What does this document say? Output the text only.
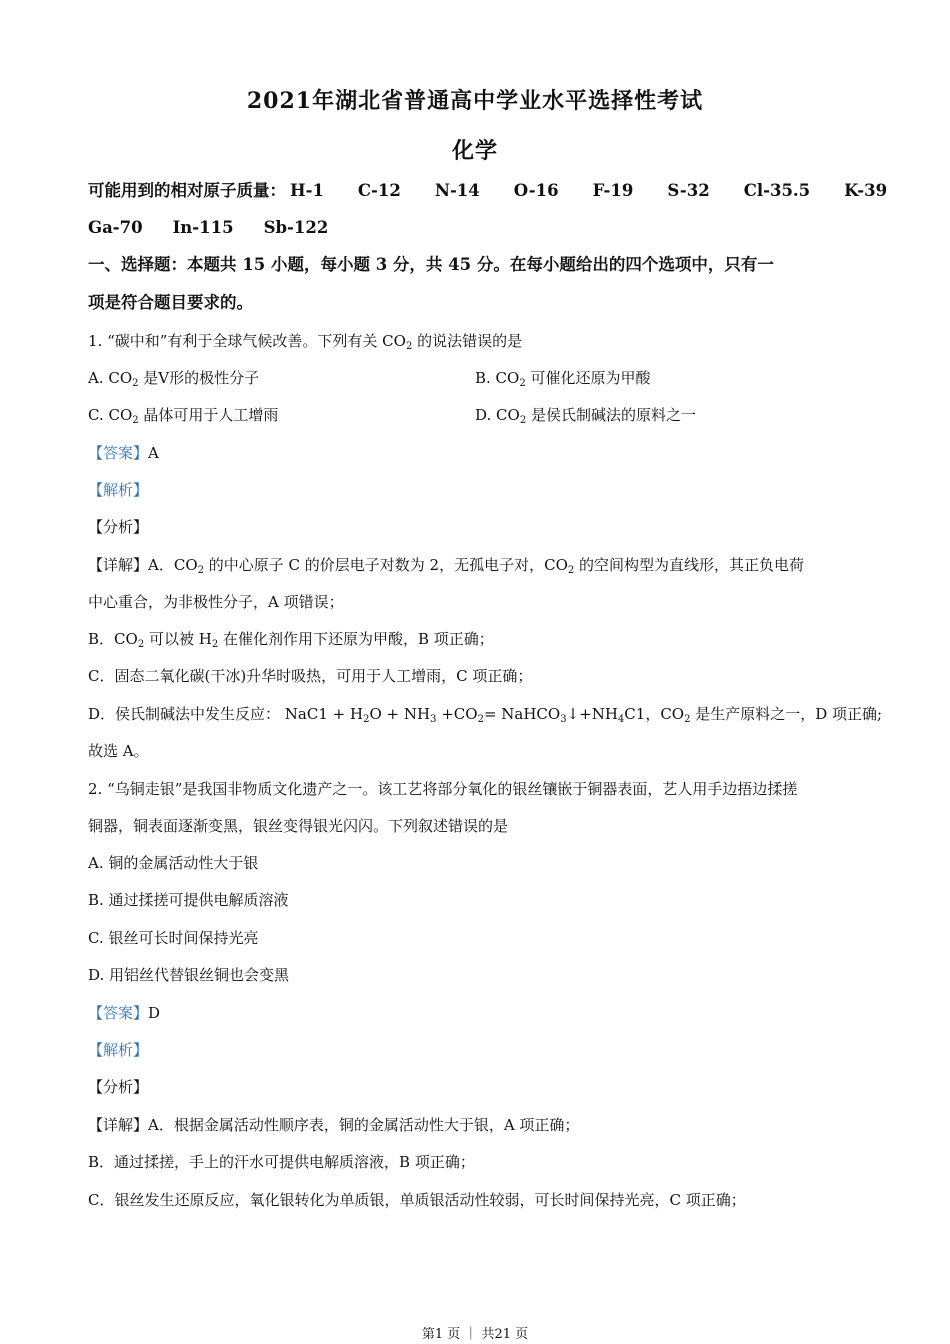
2021年湖北省普通高中学业水平选择性考试
化学
可能用到的相对原子质量： H-1 C-12 N-14 O-16 F-19 S-32 Cl-35.5 K-39
Ga-70 In-115 Sb-122
一、选择题：本题共 15 小题，每小题 3 分，共 45 分。在每小题给出的四个选项中，只有一
项是符合题目要求的。
1. “碳中和”有利于全球气候改善。下列有关 $CO_2$ 的说法错误的是
A. $CO_2$ 是Ⅴ形的极性分子	B. $CO_2$ 可催化还原为甲酸
C. $CO_2$ 晶体可用于人工增雨	D. $CO_2$ 是侯氏制碱法的原料之一
【答案】A
【解析】
【分析】
【详解】A．$CO_2$ 的中心原子 C 的价层电子对数为 2，无孤电子对，$CO_2$ 的空间构型为直线形，其正负电荷
中心重合，为非极性分子，A 项错误；
B．$CO_2$ 可以被 $H_2$ 在催化剂作用下还原为甲酸，B 项正确；
C．固态二氧化碳(干冰)升华时吸热，可用于人工增雨，C 项正确；
D．侯氏制碱法中发生反应： $NaC1 + H_2O + NH_3 +CO_2=$ $NaHCO_3↓+NH_4C1$，$CO_2$ 是生产原料之一，D 项正确;
故选 A。
2. “乌铜走银”是我国非物质文化遗产之一。该工艺将部分氧化的银丝镶嵌于铜器表面，艺人用手边捂边揉搓
铜器，铜表面逐渐变黑，银丝变得银光闪闪。下列叙述错误的是
A. 铜的金属活动性大于银
B. 通过揉搓可提供电解质溶液
C. 银丝可长时间保持光亮
D. 用铝丝代替银丝铜也会变黑
【答案】D
【解析】
【分析】
【详解】A．根据金属活动性顺序表，铜的金属活动性大于银，A 项正确；
B．通过揉搓，手上的汗水可提供电解质溶液，B 项正确；
C．银丝发生还原反应，氧化银转化为单质银，单质银活动性较弱，可长时间保持光亮，C 项正确；
第1 页 ｜ 共21 页
